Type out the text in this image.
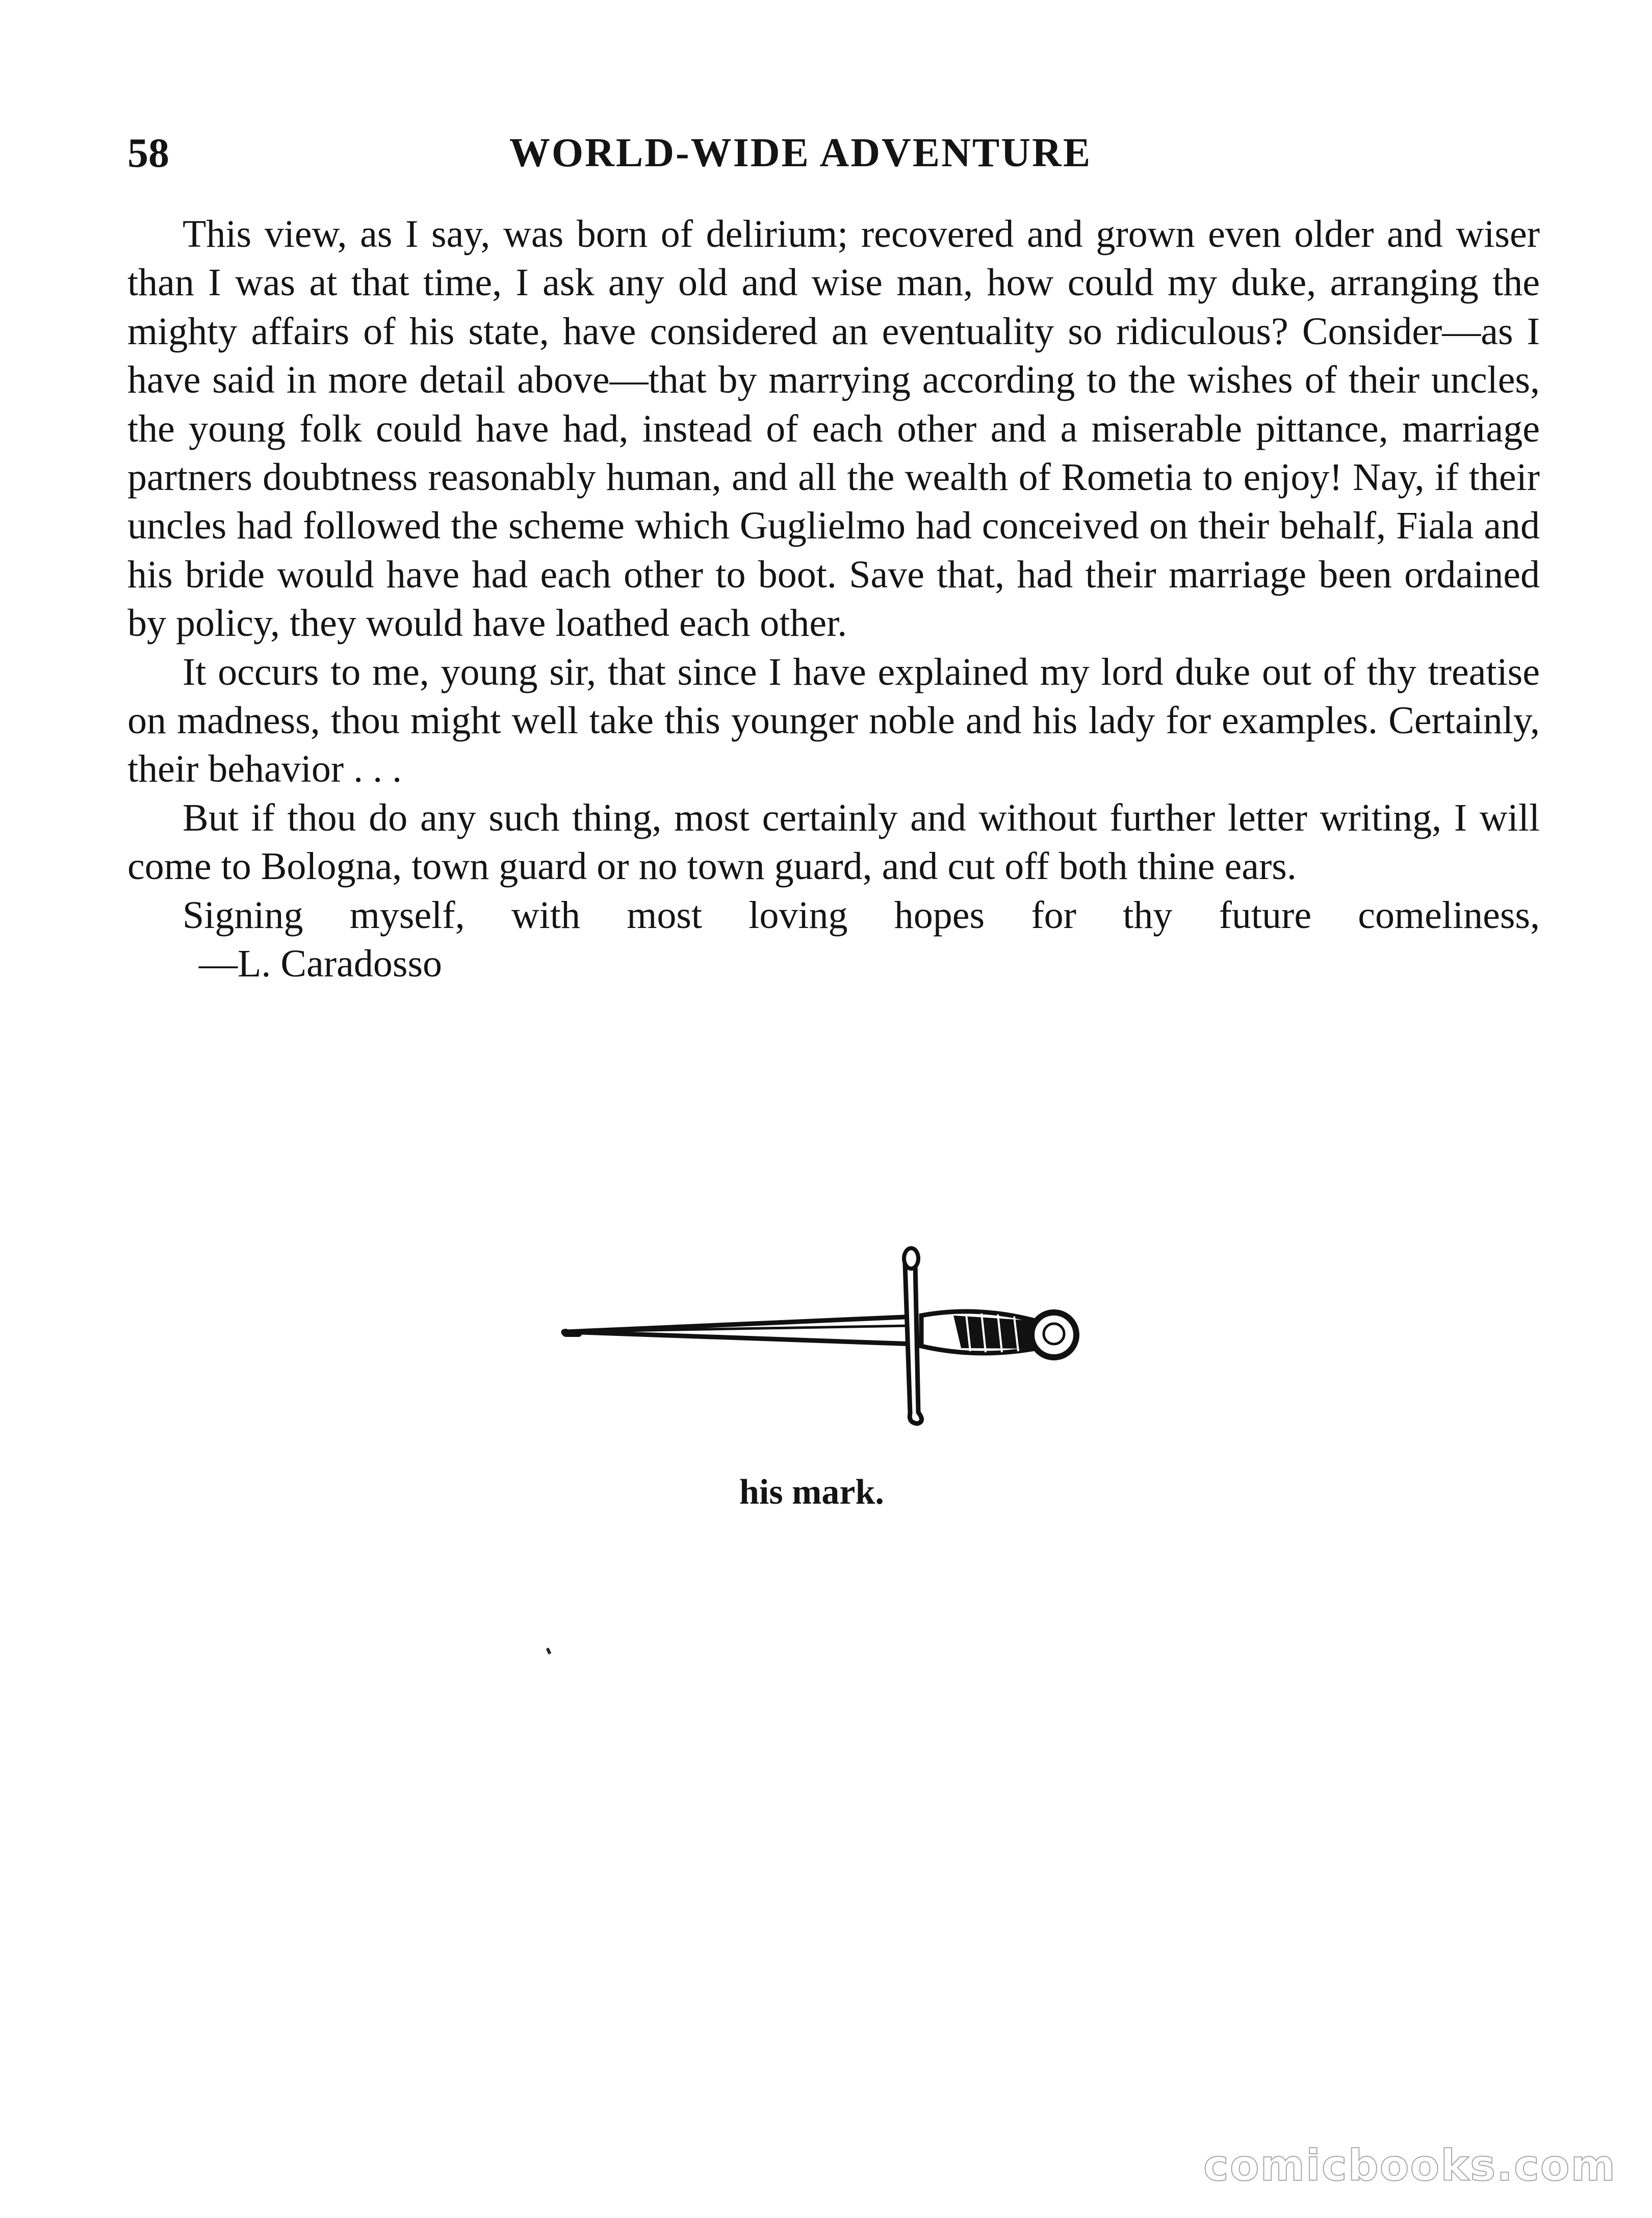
58	WORLD-WIDE ADVENTURE

This view, as I say, was born of delirium; recovered and grown even older and wiser than I was at that time, I ask any old and wise man, how could my duke, arranging the mighty affairs of his state, have considered an eventuality so ridiculous? Consider—as I have said in more detail above—that by marrying according to the wishes of their uncles, the young folk could have had, instead of each other and a miserable pittance, marriage partners doubtness reasonably human, and all the wealth of Rometia to enjoy! Nay, if their uncles had followed the scheme which Guglielmo had conceived on their behalf, Fiala and his bride would have had each other to boot. Save that, had their marriage been ordained by policy, they would have loathed each other.

It occurs to me, young sir, that since I have explained my lord duke out of thy treatise on madness, thou might well take this younger noble and his lady for examples. Certainly, their behavior . . .

But if thou do any such thing, most certainly and without further letter writing, I will come to Bologna, town guard or no town guard, and cut off both thine ears.

Signing myself, with most loving hopes for thy future comeliness,

—L. Caradosso

his mark.
comicbooks.com
